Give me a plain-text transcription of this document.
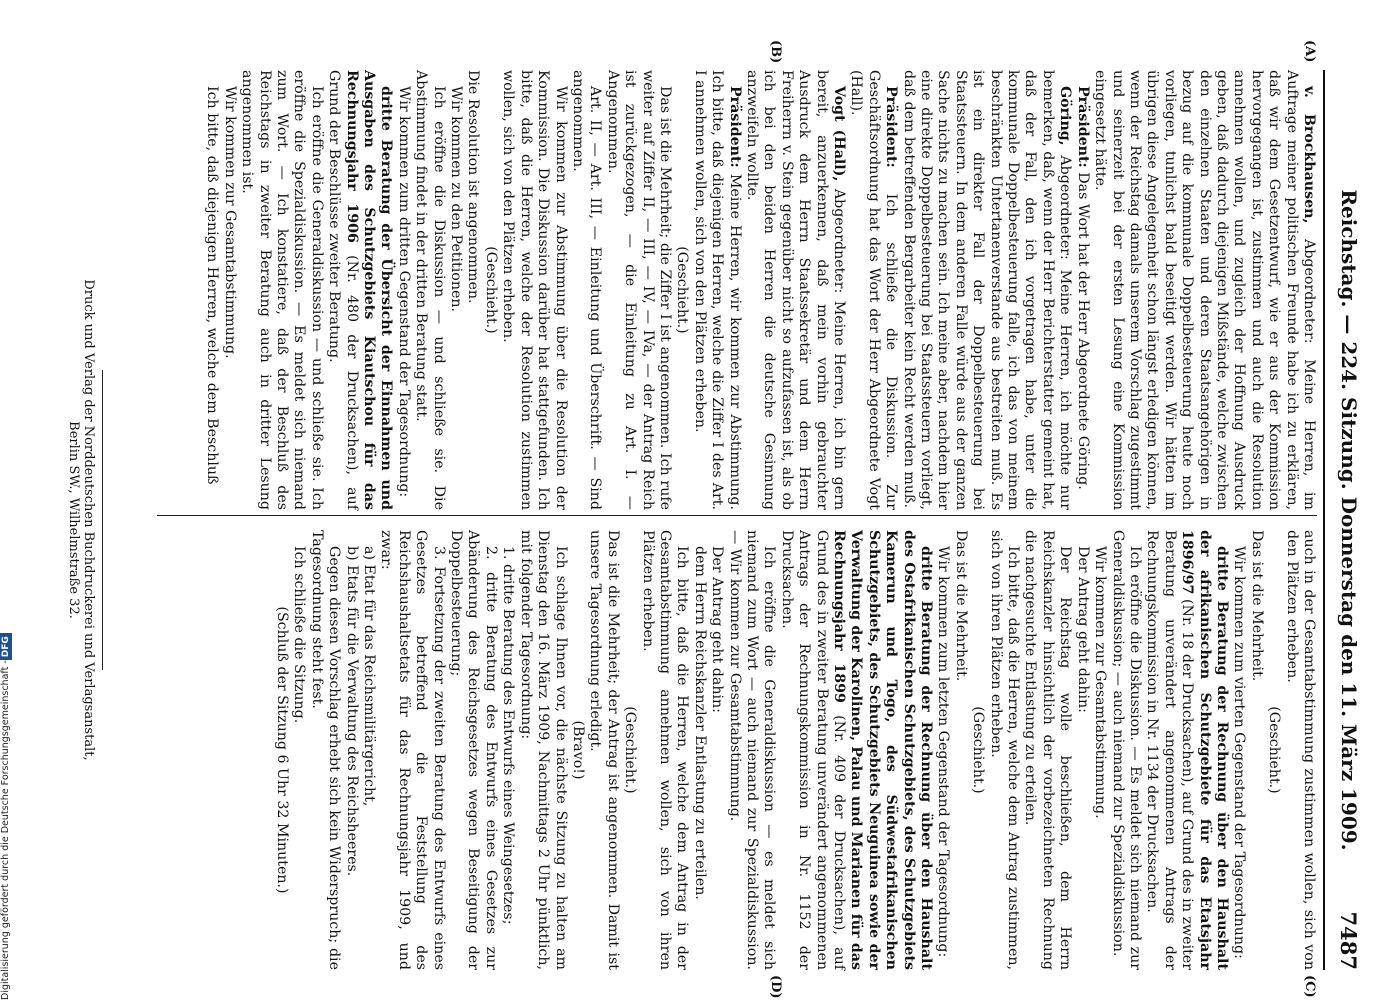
Reichstag. — 224. Sitzung. Donnerstag den 11. März 1909.
7487
(A)
(B)
(C)
(D)

v. Brockhausen, Abgeordneter: Meine Herren, im Auftrage meiner politischen Freunde habe ich zu erklären, daß wir dem Gesetzentwurf, wie er aus der Kommission hervorgegangen ist, zustimmen und auch die Resolution annehmen wollen, und zugleich der Hoffnung Ausdruck geben, daß dadurch diejenigen Mißstände, welche zwischen den einzelnen Staaten und deren Staatsangehörigen in bezug auf die kommunale Doppelbesteuerung heute noch vorliegen, tunlichst bald beseitigt werden. Wir hätten im übrigen diese Angelegenheit schon längst erledigen können, wenn der Reichstag damals unserem Vorschlag zugestimmt und seinerzeit bei der ersten Lesung eine Kommission eingesetzt hätte.

Präsident: Das Wort hat der Herr Abgeordnete Göring.

Göring, Abgeordneter: Meine Herren, ich möchte nur bemerken, daß, wenn der Herr Berichterstatter gemeint hat, daß der Fall, den ich vorgetragen habe, unter die kommunale Doppelbesteuerung falle, ich das von meinem beschränkten Untertanenverstande aus bestreiten muß. Es ist ein direkter Fall der Doppelbesteuerung bei Staatssteuern. In dem anderen Falle würde aus der ganzen Sache nichts zu machen sein. Ich meine aber, nachdem hier eine direkte Doppelbesteuerung bei Staatssteuern vorliegt, daß dem betreffenden Bergarbeiter kein Recht werden muß.

Präsident: Ich schließe die Diskussion. Zur Geschäftsordnung hat das Wort der Herr Abgeordnete Vogt (Hall).

Vogt (Hall), Abgeordneter: Meine Herren, ich bin gern bereit, anzuerkennen, daß mein vorhin gebrauchter Ausdruck dem Herrn Staatssekretär und dem Herrn Freiherrn v. Stein gegenüber nicht so aufzufassen ist, als ob ich bei den beiden Herren die deutsche Gesinnung anzweifeln wollte.

Präsident: Meine Herren, wir kommen zur Abstimmung. Ich bitte, daß diejenigen Herren, welche die Ziffer I des Art. I annehmen wollen, sich von den Plätzen erheben.

(Geschieht.)

Das ist die Mehrheit; die Ziffer I ist angenommen. Ich rufe weiter auf Ziffer II, — III, — IV, — IVa, — der Antrag Reich ist zurückgezogen, — die Einleitung zu Art. I. — Angenommen.

Art. II, — Art. III, — Einleitung und Überschrift. — Sind angenommen.

Wir kommen zur Abstimmung über die Resolution der Kommission. Die Diskussion darüber hat stattgefunden. Ich bitte, daß die Herren, welche der Resolution zustimmen wollen, sich von den Plätzen erheben.

(Geschieht.)

Die Resolution ist angenommen.

Wir kommen zu den Petitionen.

Ich eröffne die Diskussion — und schließe sie. Die Abstimmung findet in der dritten Beratung statt.

Wir kommen zum dritten Gegenstand der Tagesordnung:

dritte Beratung der Übersicht der Einnahmen und Ausgaben des Schutzgebiets Kiautschou für das Rechnungsjahr 1906 (Nr. 480 der Drucksachen), auf Grund der Beschlüsse zweiter Beratung.

Ich eröffne die Generaldiskussion — und schließe sie. Ich eröffne die Spezialdiskussion. — Es meldet sich niemand zum Wort. — Ich konstatiere, daß der Beschluß des Reichstags in zweiter Beratung auch in dritter Lesung angenommen ist.

Wir kommen zur Gesamtabstimmung.

Ich bitte, daß diejenigen Herren, welche dem Beschluß

auch in der Gesamtabstimmung zustimmen wollen, sich von den Plätzen erheben.

(Geschieht.)

Das ist die Mehrheit.

Wir kommen zum vierten Gegenstand der Tagesordnung:

dritte Beratung der Rechnung über den Haushalt der afrikanischen Schutzgebiete für das Etatsjahr 1896/97 (Nr. 18 der Drucksachen), auf Grund des in zweiter Beratung unverändert angenommenen Antrags der Rechnungskommission in Nr. 1134 der Drucksachen.

Ich eröffne die Diskussion. — Es meldet sich niemand zur Generaldiskussion; — auch niemand zur Spezialdiskussion.

Wir kommen zur Gesamtabstimmung.

Der Antrag geht dahin:

Der Reichstag wolle beschließen, dem Herrn Reichskanzler hinsichtlich der vorbezeichneten Rechnung die nachgesuchte Entlastung zu erteilen.

Ich bitte, daß die Herren, welche dem Antrag zustimmen, sich von ihren Plätzen erheben.

(Geschieht.)

Das ist die Mehrheit.

Wir kommen zum letzten Gegenstand der Tagesordnung:

dritte Beratung der Rechnung über den Haushalt des Ostafrikanischen Schutzgebiets, des Schutzgebiets Kamerun und Togo, des Südwestafrikanischen Schutzgebiets, des Schutzgebiets Neuguinea sowie der Verwaltung der Karolinen, Palau und Marianen für das Rechnungsjahr 1899 (Nr. 409 der Drucksachen), auf Grund des in zweiter Beratung unverändert angenommenen Antrags der Rechnungskommission in Nr. 1152 der Drucksachen.

Ich eröffne die Generaldiskussion — es meldet sich niemand zum Wort — auch niemand zur Spezialdiskussion. — Wir kommen zur Gesamtabstimmung.

Der Antrag geht dahin:

dem Herrn Reichskanzler Entlastung zu erteilen.

Ich bitte, daß die Herren, welche dem Antrag in der Gesamtabstimmung annehmen wollen, sich von ihren Plätzen erheben.

(Geschieht.)

Das ist die Mehrheit; der Antrag ist angenommen. Damit ist unsere Tagesordnung erledigt.

(Bravo!)

Ich schlage Ihnen vor, die nächste Sitzung zu halten am Dienstag den 16. März 1909, Nachmittags 2 Uhr pünktlich, mit folgender Tagesordnung:

1. dritte Beratung des Entwurfs eines Weingesetzes;

2. dritte Beratung des Entwurfs eines Gesetzes zur Abänderung des Reichsgesetzes wegen Beseitigung der Doppelbesteuerung;

3. Fortsetzung der zweiten Beratung des Entwurfs eines Gesetzes betreffend die Feststellung des Reichshaushaltsetats für das Rechnungsjahr 1909, und zwar:

a) Etat für das Reichsmilitärgericht,

b) Etats für die Verwaltung des Reichsheeres.

Gegen diesen Vorschlag erhebt sich kein Widerspruch; die Tagesordnung steht fest.

Ich schließe die Sitzung.

(Schluß der Sitzung 6 Uhr 32 Minuten.)

Druck und Verlag der Norddeutschen Buchdruckerei und Verlagsanstalt,
Berlin SW., Wilhelmstraße 32.
Digitalisierung gefördert durch die Deutsche Forschungsgemeinschaft -
DFG
